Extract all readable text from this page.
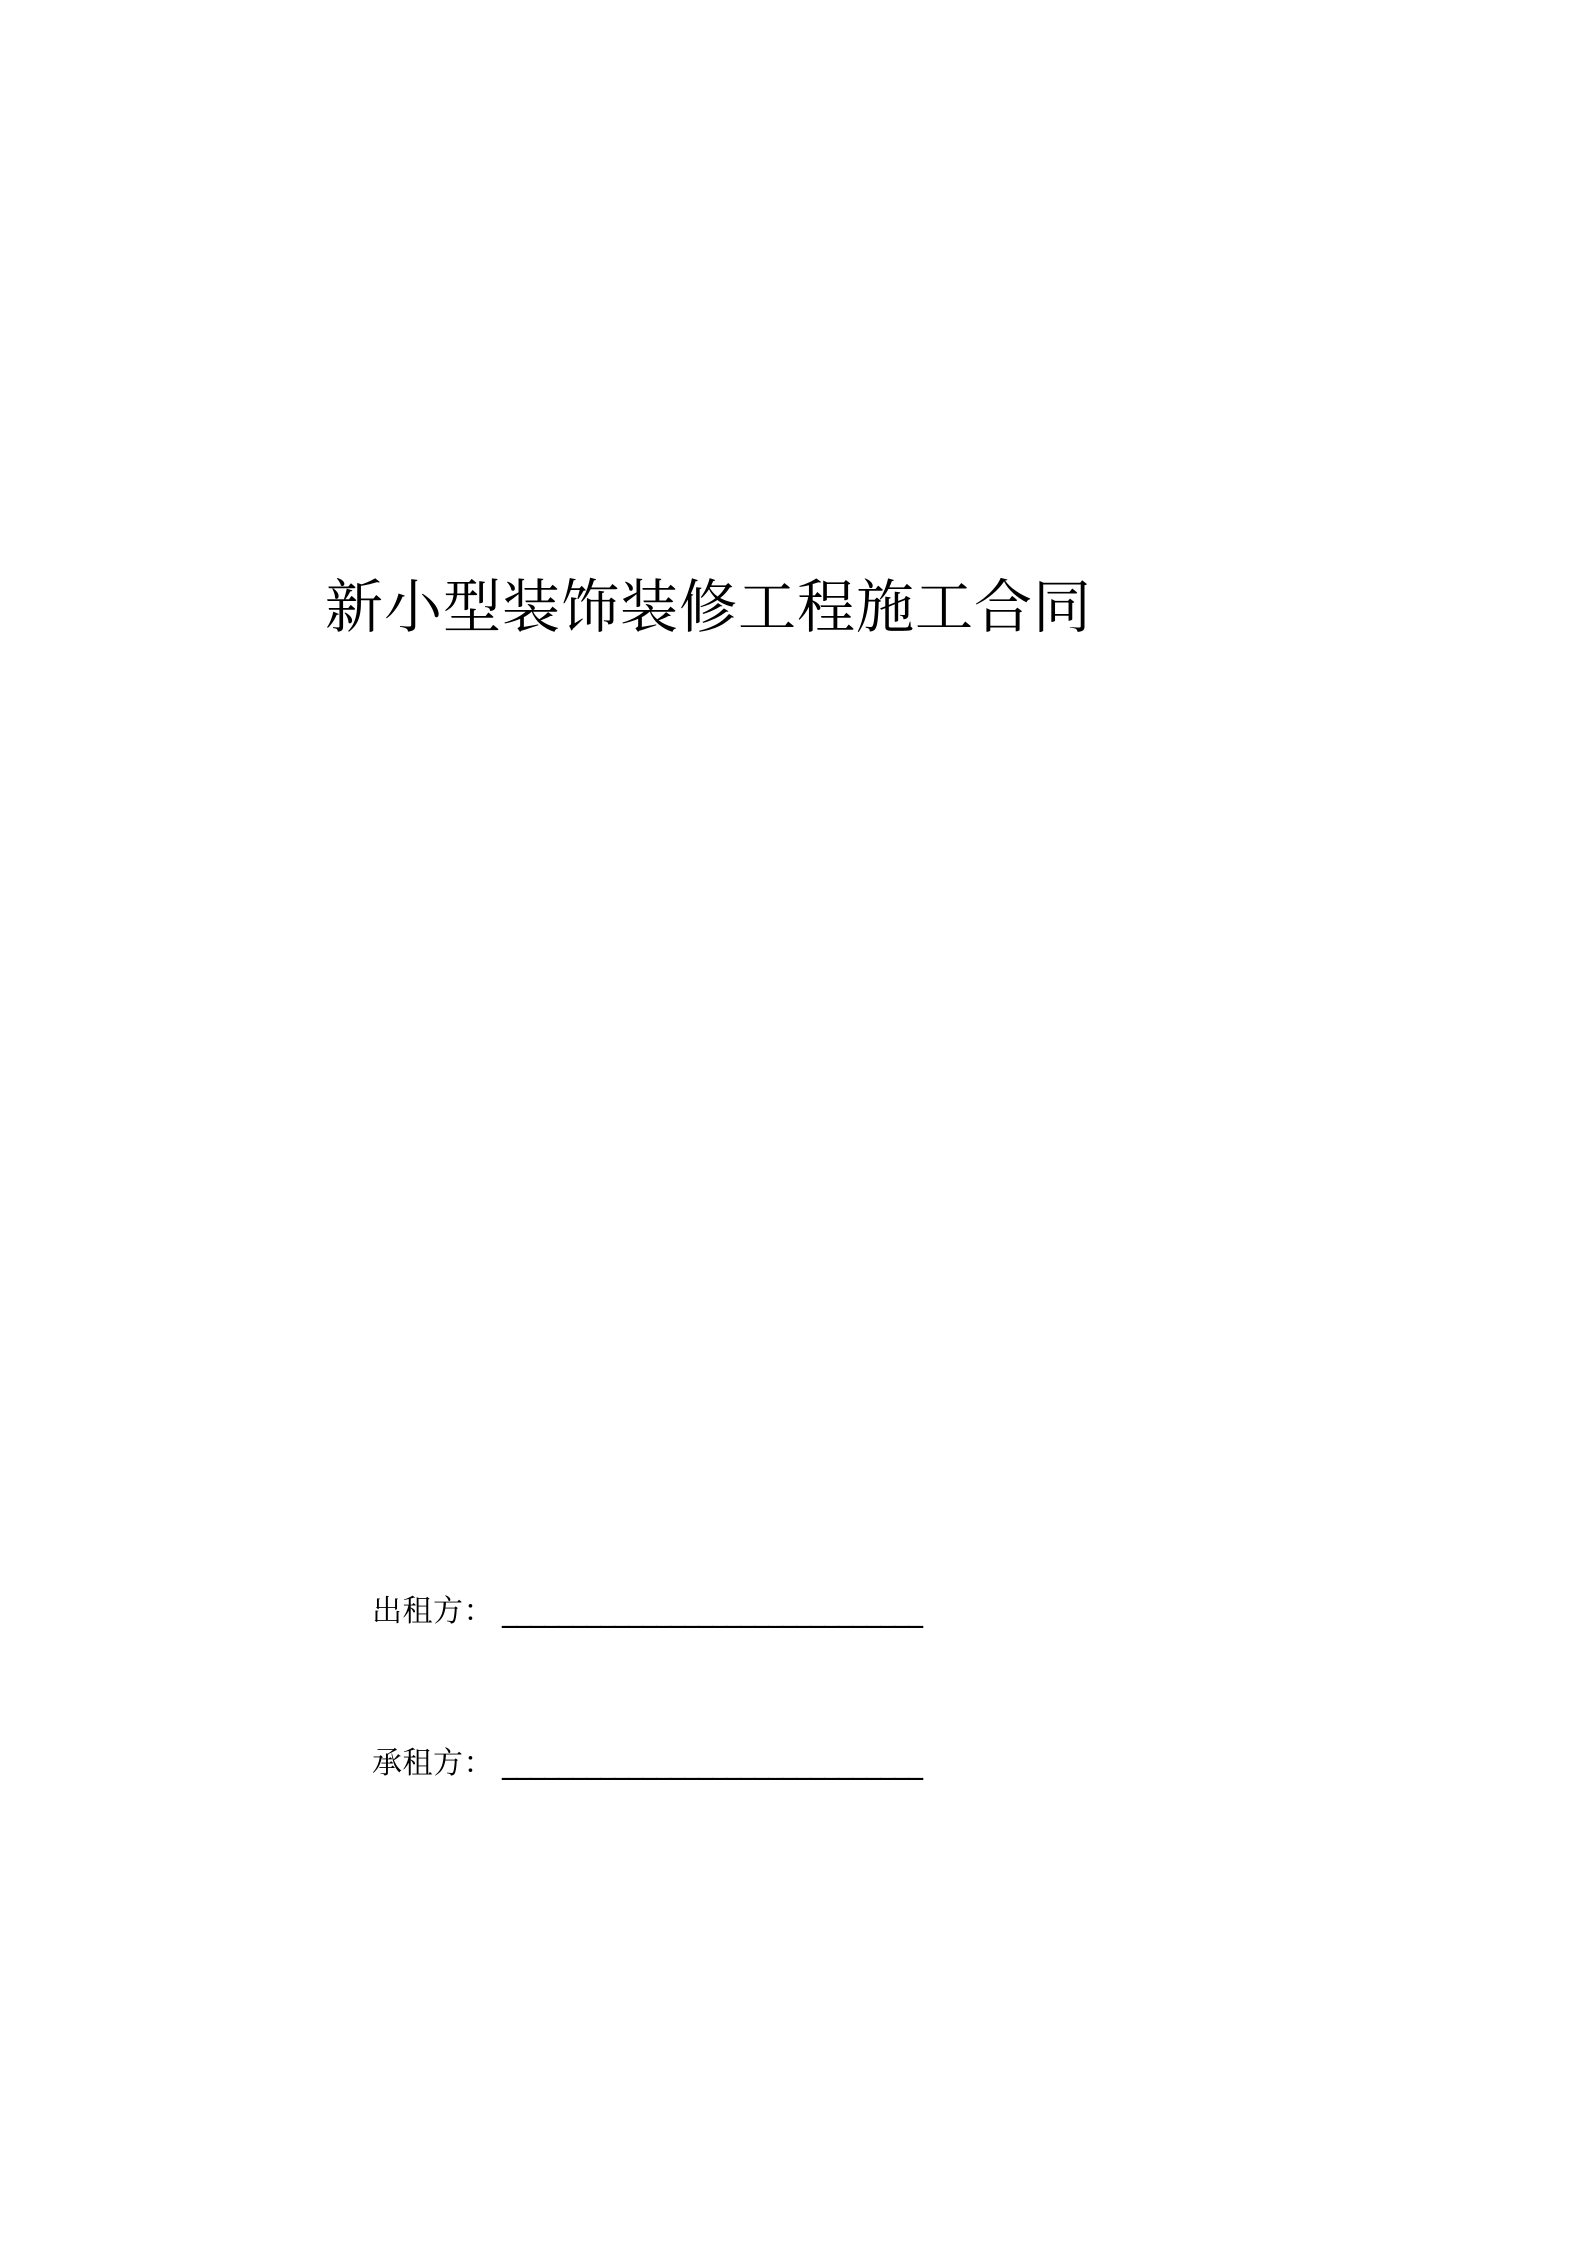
新小型装饰装修工程施工合同
出租方： ______________________________
承租方： ______________________________
